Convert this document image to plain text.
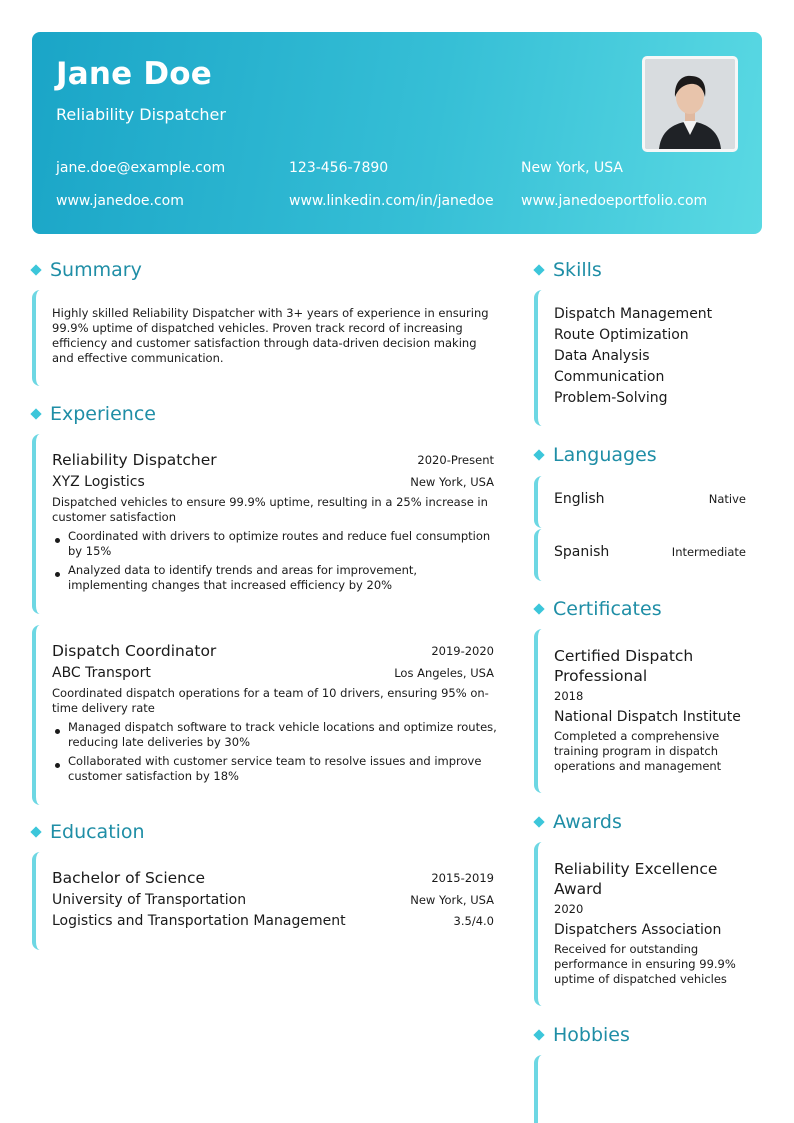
Jane Doe
Reliability Dispatcher
jane.doe@example.com	123-456-7890	New York, USA
www.janedoe.com	www.linkedin.com/in/janedoe www.janedoeportfolio.com
Summary
Highly skilled Reliability Dispatcher with 3+ years of experience in ensuring 99.9% uptime of dispatched vehicles. Proven track record of increasing efficiency and customer satisfaction through data-driven decision making and effective communication.
Experience
Reliability Dispatcher	2020-Present
XYZ Logistics	New York, USA
Dispatched vehicles to ensure 99.9% uptime, resulting in a 25% increase in customer satisfaction
Coordinated with drivers to optimize routes and reduce fuel consumption by 15%
Analyzed data to identify trends and areas for improvement, implementing changes that increased efficiency by 20%
Dispatch Coordinator	2019-2020
ABC Transport	Los Angeles, USA
Coordinated dispatch operations for a team of 10 drivers, ensuring 95% on-time delivery rate
Managed dispatch software to track vehicle locations and optimize routes, reducing late deliveries by 30%
Collaborated with customer service team to resolve issues and improve customer satisfaction by 18%
Education
Bachelor of Science	2015-2019
University of Transportation	New York, USA
Logistics and Transportation Management	3.5/4.0
Skills
Dispatch Management
Route Optimization
Data Analysis
Communication
Problem-Solving
Languages
English	Native
Spanish	Intermediate
Certificates
Certified Dispatch Professional
2018
National Dispatch Institute
Completed a comprehensive training program in dispatch operations and management
Awards
Reliability Excellence Award
2020
Dispatchers Association
Received for outstanding performance in ensuring 99.9% uptime of dispatched vehicles
Hobbies
